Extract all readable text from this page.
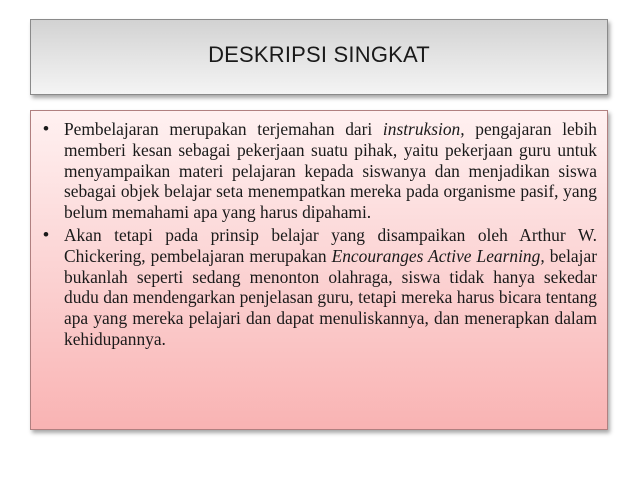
DESKRIPSI SINGKAT
• Pembelajaran merupakan terjemahan dari instruksion, pengajaran lebih memberi kesan sebagai pekerjaan suatu pihak, yaitu pekerjaan guru untuk menyampaikan materi pelajaran kepada siswanya dan menjadikan siswa sebagai objek belajar seta menempatkan mereka pada organisme pasif, yang belum memahami apa yang harus dipahami.
• Akan tetapi pada prinsip belajar yang disampaikan oleh Arthur W. Chickering, pembelajaran merupakan Encouranges Active Learning, belajar bukanlah seperti sedang menonton olahraga, siswa tidak hanya sekedar dudu dan mendengarkan penjelasan guru, tetapi mereka harus bicara tentang apa yang mereka pelajari dan dapat menuliskannya, dan menerapkan dalam kehidupannya.
